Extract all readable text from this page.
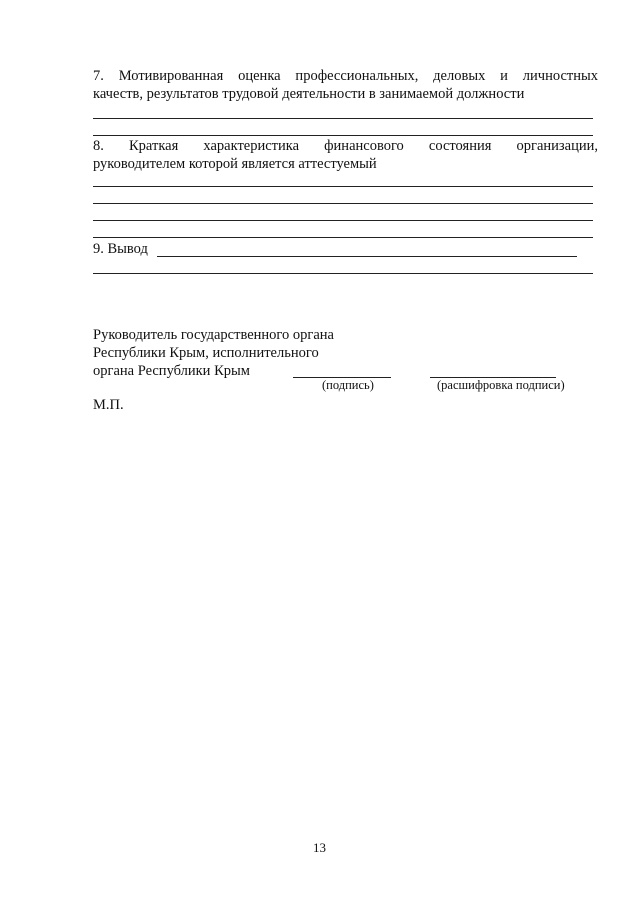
7. Мотивированная оценка профессиональных, деловых и личностных
качеств, результатов трудовой деятельности в занимаемой должности
8. Краткая характеристика финансового состояния организации,
руководителем которой является аттестуемый
9. Вывод
Руководитель государственного органа
Республики Крым, исполнительного
органа Республики Крым
(подпись)	(расшифровка подписи)
М.П.
13
